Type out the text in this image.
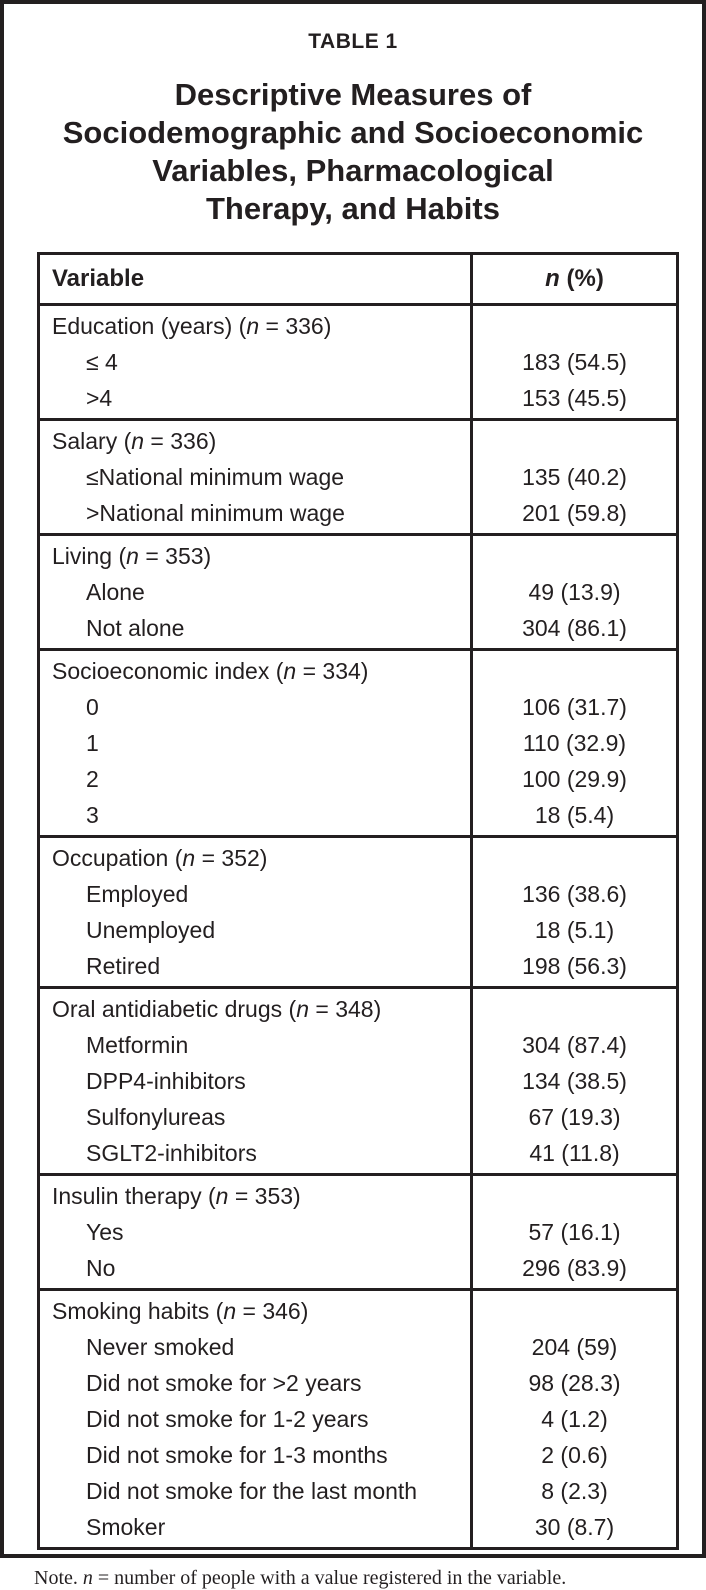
TABLE 1
Descriptive Measures of
Sociodemographic and Socioeconomic
Variables, Pharmacological
Therapy, and Habits
Variable	n (%)
Education (years) (n = 336)	
≤ 4	183 (54.5)
>4	153 (45.5)
Salary (n = 336)	
≤National minimum wage	135 (40.2)
>National minimum wage	201 (59.8)
Living (n = 353)	
Alone	49 (13.9)
Not alone	304 (86.1)
Socioeconomic index (n = 334)	
0	106 (31.7)
1	110 (32.9)
2	100 (29.9)
3	18 (5.4)
Occupation (n = 352)	
Employed	136 (38.6)
Unemployed	18 (5.1)
Retired	198 (56.3)
Oral antidiabetic drugs (n = 348)	
Metformin	304 (87.4)
DPP4-inhibitors	134 (38.5)
Sulfonylureas	67 (19.3)
SGLT2-inhibitors	41 (11.8)
Insulin therapy (n = 353)	
Yes	57 (16.1)
No	296 (83.9)
Smoking habits (n = 346)	
Never smoked	204 (59)
Did not smoke for >2 years	98 (28.3)
Did not smoke for 1-2 years	4 (1.2)
Did not smoke for 1-3 months	2 (0.6)
Did not smoke for the last month	8 (2.3)
Smoker	30 (8.7)
Note. n = number of people with a value registered in the variable.
